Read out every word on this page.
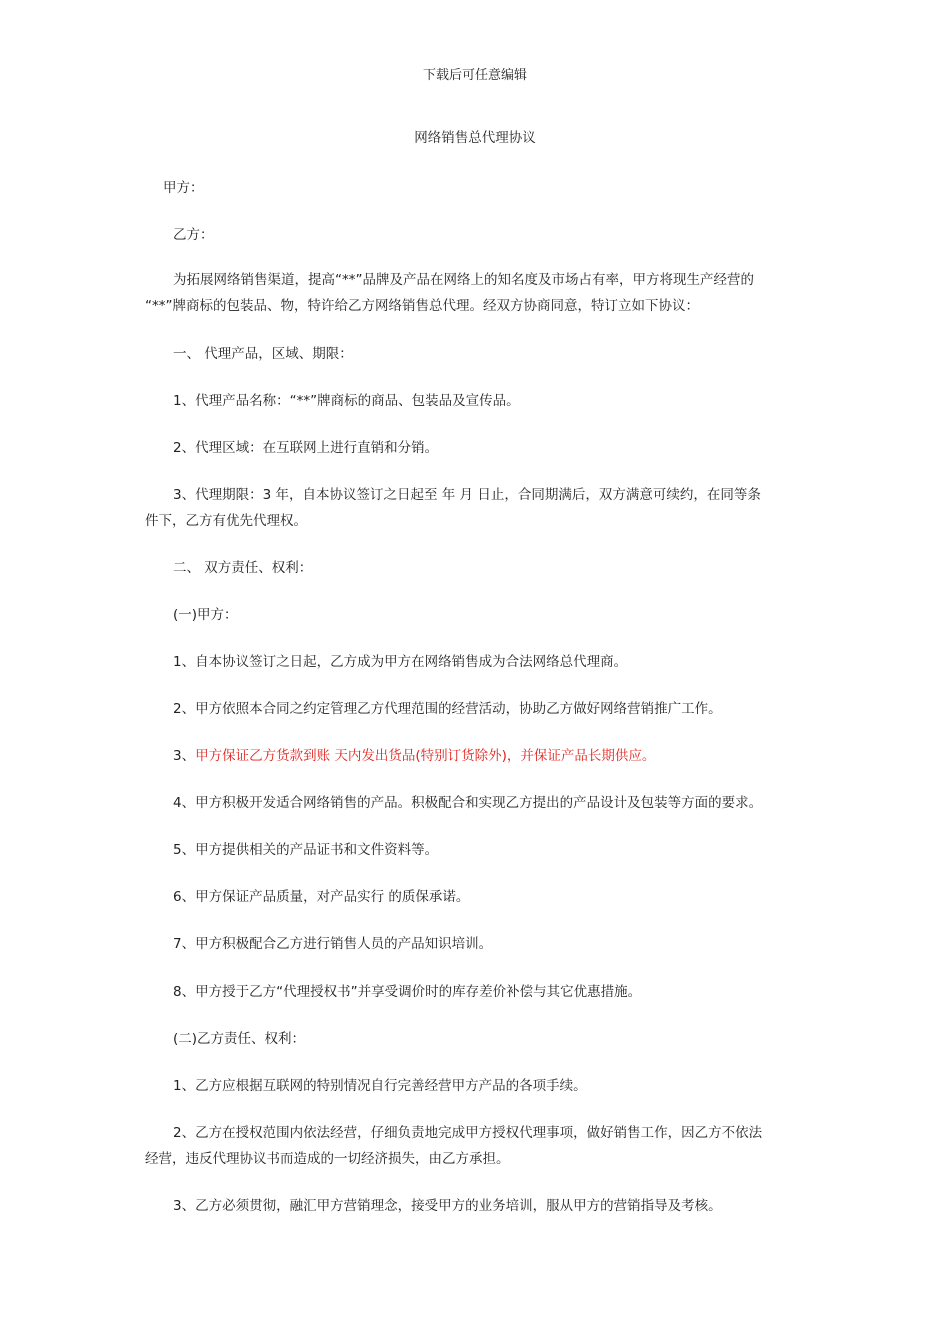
下载后可任意编辑
网络销售总代理协议
甲方：
乙方：
为拓展网络销售渠道，提高“**”品牌及产品在网络上的知名度及市场占有率，甲方将现生产经营的
“**”牌商标的包装品、物，特许给乙方网络销售总代理。经双方协商同意，特订立如下协议：
一、 代理产品，区域、期限：
1、代理产品名称：“**”牌商标的商品、包装品及宣传品。
2、代理区域：在互联网上进行直销和分销。
3、代理期限：3 年，自本协议签订之日起至 年 月 日止，合同期满后，双方满意可续约，在同等条
件下，乙方有优先代理权。
二、 双方责任、权利：
(一)甲方：
1、自本协议签订之日起，乙方成为甲方在网络销售成为合法网络总代理商。
2、甲方依照本合同之约定管理乙方代理范围的经营活动，协助乙方做好网络营销推广工作。
3、甲方保证乙方货款到账 天内发出货品(特别订货除外)，并保证产品长期供应。
4、甲方积极开发适合网络销售的产品。积极配合和实现乙方提出的产品设计及包装等方面的要求。
5、甲方提供相关的产品证书和文件资料等。
6、甲方保证产品质量，对产品实行 的质保承诺。
7、甲方积极配合乙方进行销售人员的产品知识培训。
8、甲方授于乙方“代理授权书”并享受调价时的库存差价补偿与其它优惠措施。
(二)乙方责任、权利：
1、乙方应根据互联网的特别情况自行完善经营甲方产品的各项手续。
2、乙方在授权范围内依法经营，仔细负责地完成甲方授权代理事项，做好销售工作，因乙方不依法
经营，违反代理协议书而造成的一切经济损失，由乙方承担。
3、乙方必须贯彻，融汇甲方营销理念，接受甲方的业务培训，服从甲方的营销指导及考核。
